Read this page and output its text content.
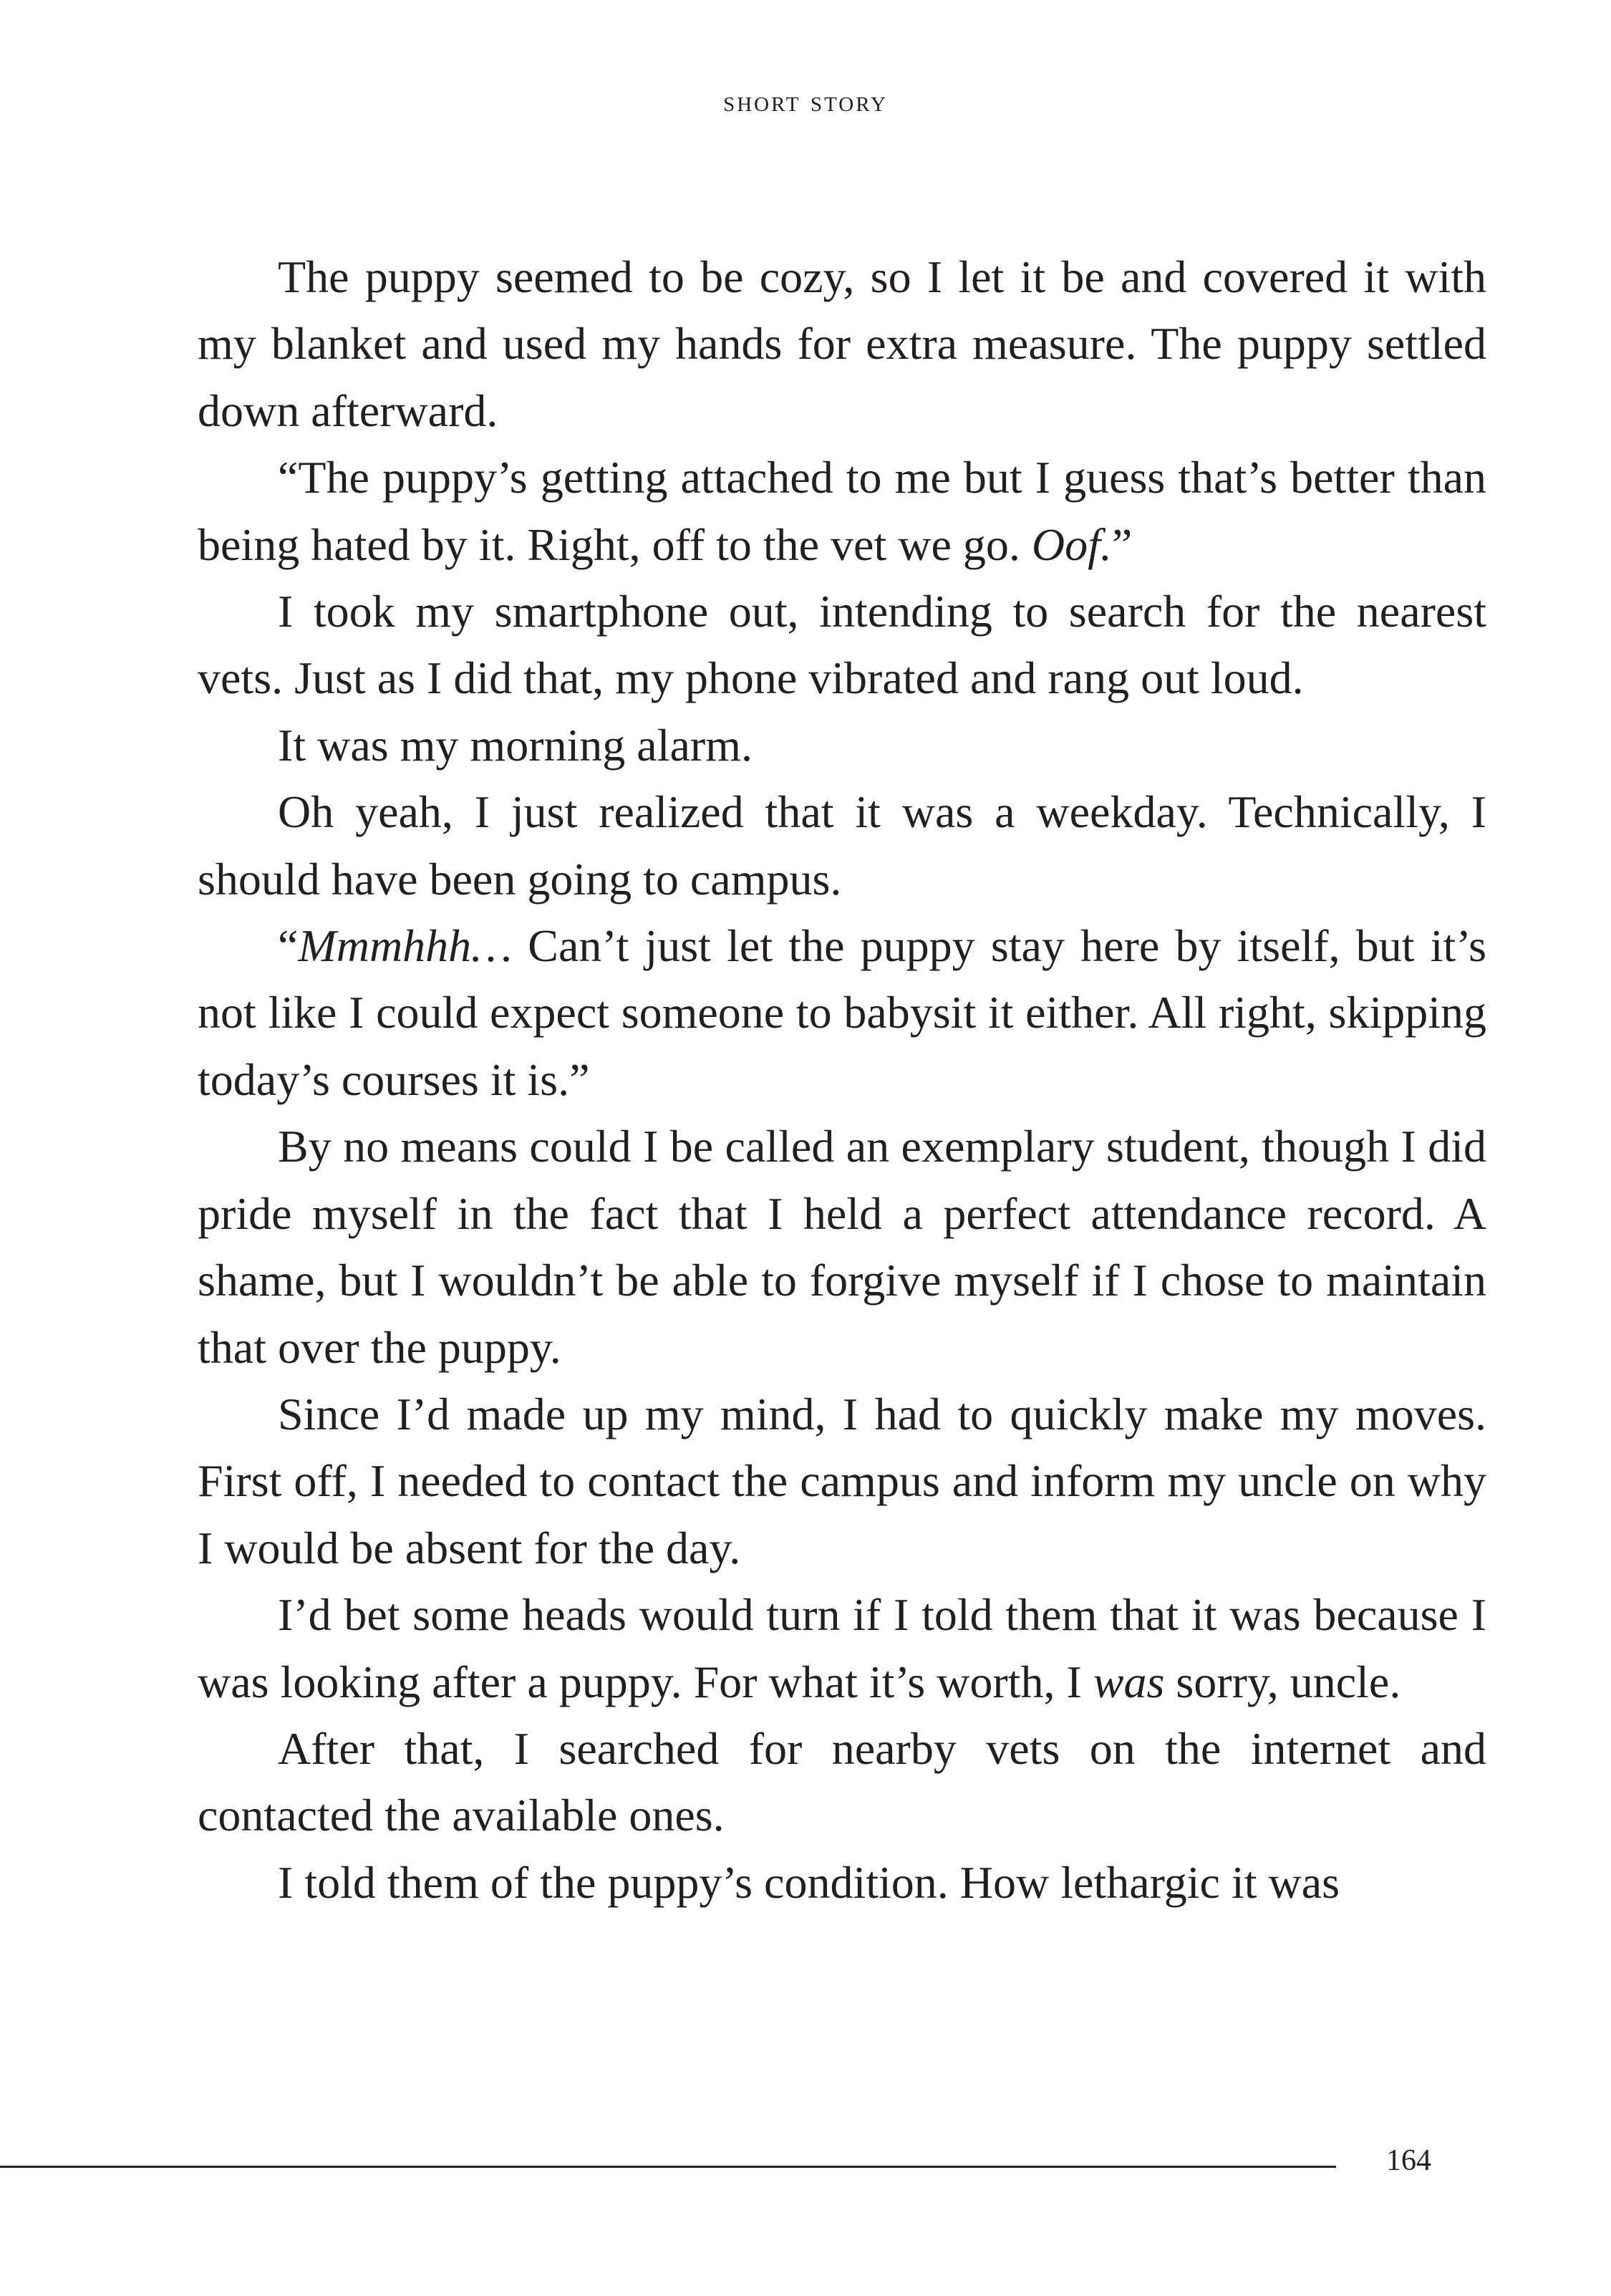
short story

The puppy seemed to be cozy, so I let it be and covered it with my blanket and used my hands for extra measure. The puppy settled down afterward.

“The puppy’s getting attached to me but I guess that’s better than being hated by it. Right, off to the vet we go. Oof.”

I took my smartphone out, intending to search for the nearest vets. Just as I did that, my phone vibrated and rang out loud.

It was my morning alarm.

Oh yeah, I just realized that it was a weekday. Technically, I should have been going to campus.

“Mmmhhh… Can’t just let the puppy stay here by itself, but it’s not like I could expect someone to babysit it either. All right, skipping today’s courses it is.”

By no means could I be called an exemplary student, though I did pride myself in the fact that I held a perfect attendance record. A shame, but I wouldn’t be able to forgive myself if I chose to maintain that over the puppy.

Since I’d made up my mind, I had to quickly make my moves. First off, I needed to contact the campus and inform my uncle on why I would be absent for the day.

I’d bet some heads would turn if I told them that it was because I was looking after a puppy. For what it’s worth, I was sorry, uncle.

After that, I searched for nearby vets on the internet and contacted the available ones.

I told them of the puppy’s condition. How lethargic it was

164
